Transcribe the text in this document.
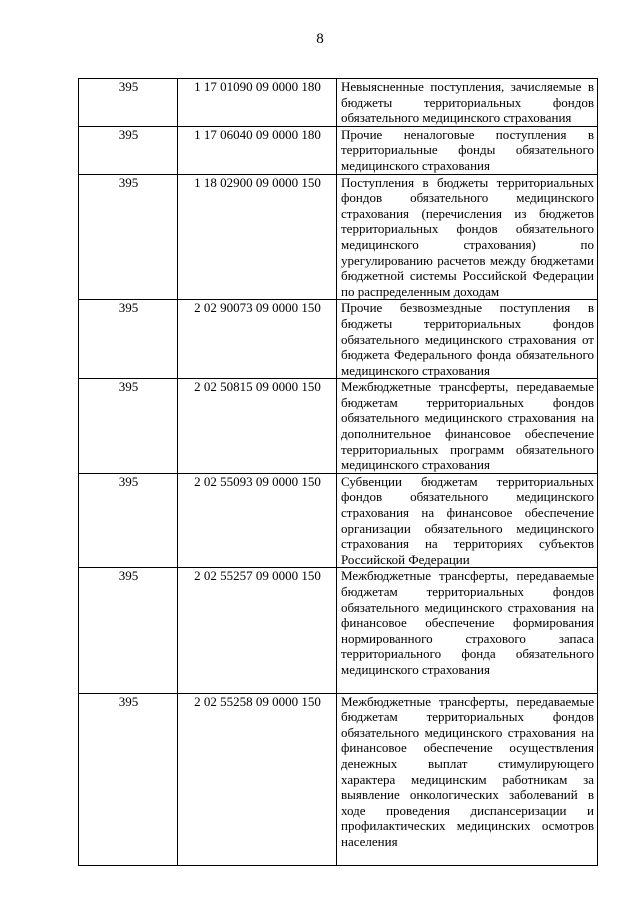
8
395	1 17 01090 09 0000 180	Невыясненные поступления, зачисляемые в бюджеты территориальных фондов обязательного медицинского страхования
395	1 17 06040 09 0000 180	Прочие неналоговые поступления в территориальные фонды обязательного медицинского страхования
395	1 18 02900 09 0000 150	Поступления в бюджеты территориальных фондов обязательного медицинского страхования (перечисления из бюджетов территориальных фондов обязательного медицинского страхования) по урегулированию расчетов между бюджетами бюджетной системы Российской Федерации по распределенным доходам
395	2 02 90073 09 0000 150	Прочие безвозмездные поступления в бюджеты территориальных фондов обязательного медицинского страхования от бюджета Федерального фонда обязательного медицинского страхования
395	2 02 50815 09 0000 150	Межбюджетные трансферты, передаваемые бюджетам территориальных фондов обязательного медицинского страхования на дополнительное финансовое обеспечение территориальных программ обязательного медицинского страхования
395	2 02 55093 09 0000 150	Субвенции бюджетам территориальных фондов обязательного медицинского страхования на финансовое обеспечение организации обязательного медицинского страхования на территориях субъектов Российской Федерации
395	2 02 55257 09 0000 150	Межбюджетные трансферты, передаваемые бюджетам территориальных фондов обязательного медицинского страхования на финансовое обеспечение формирования нормированного страхового запаса территориального фонда обязательного медицинского страхования
395	2 02 55258 09 0000 150	Межбюджетные трансферты, передаваемые бюджетам территориальных фондов обязательного медицинского страхования на финансовое обеспечение осуществления денежных выплат стимулирующего характера медицинским работникам за выявление онкологических заболеваний в ходе проведения диспансеризации и профилактических медицинских осмотров населения
